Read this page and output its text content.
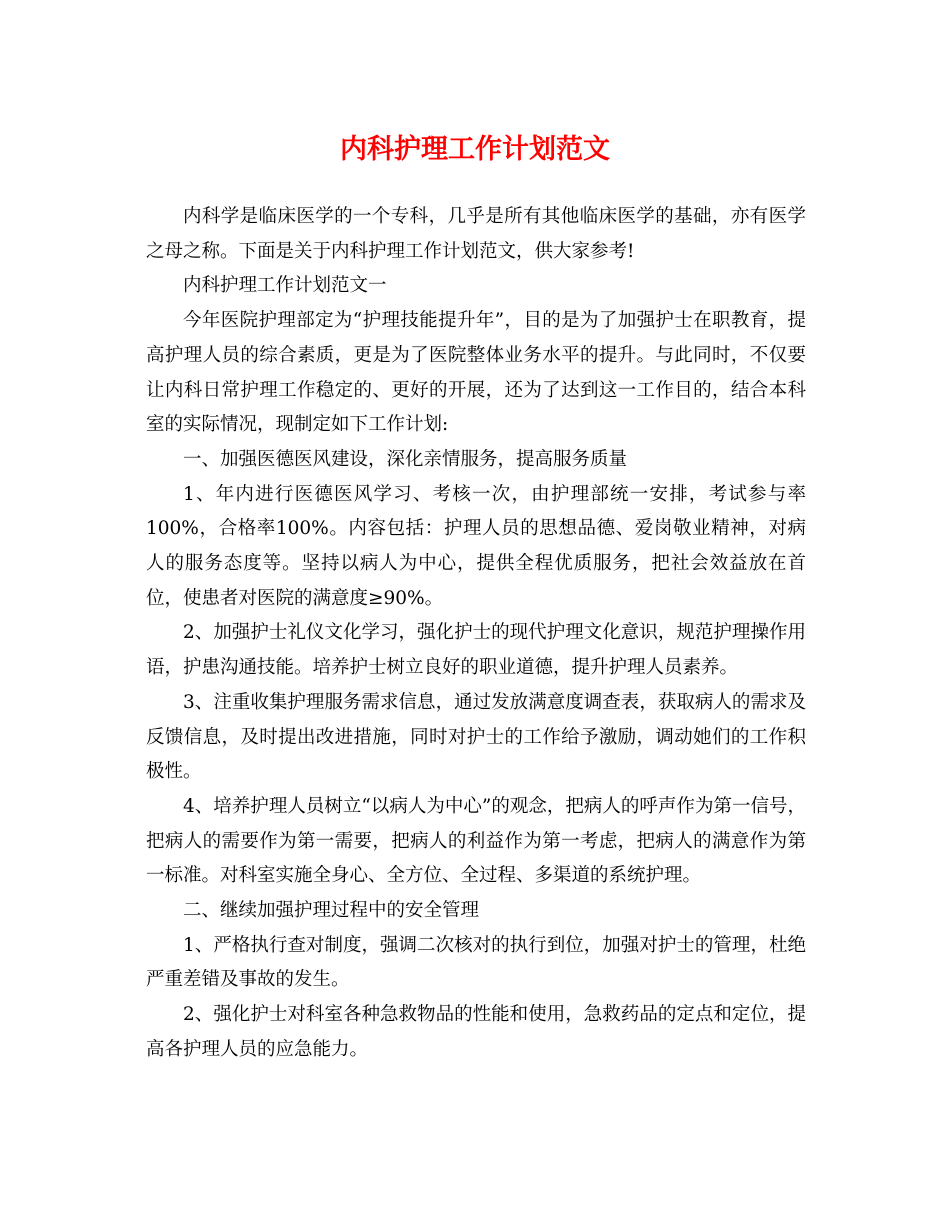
内科护理工作计划范文

内科学是临床医学的一个专科，几乎是所有其他临床医学的基础，亦有医学之母之称。下面是关于内科护理工作计划范文，供大家参考!

内科护理工作计划范文一

今年医院护理部定为“护理技能提升年”，目的是为了加强护士在职教育，提高护理人员的综合素质，更是为了医院整体业务水平的提升。与此同时，不仅要让内科日常护理工作稳定的、更好的开展，还为了达到这一工作目的，结合本科室的实际情况，现制定如下工作计划:

一、加强医德医风建设，深化亲情服务，提高服务质量

1、年内进行医德医风学习、考核一次，由护理部统一安排，考试参与率100%，合格率100%。内容包括：护理人员的思想品德、爱岗敬业精神，对病人的服务态度等。坚持以病人为中心，提供全程优质服务，把社会效益放在首位，使患者对医院的满意度≥90%。

2、加强护士礼仪文化学习，强化护士的现代护理文化意识，规范护理操作用语，护患沟通技能。培养护士树立良好的职业道德，提升护理人员素养。

3、注重收集护理服务需求信息，通过发放满意度调查表，获取病人的需求及反馈信息，及时提出改进措施，同时对护士的工作给予激励，调动她们的工作积极性。

4、培养护理人员树立“以病人为中心”的观念，把病人的呼声作为第一信号，把病人的需要作为第一需要，把病人的利益作为第一考虑，把病人的满意作为第一标准。对科室实施全身心、全方位、全过程、多渠道的系统护理。

二、继续加强护理过程中的安全管理

1、严格执行查对制度，强调二次核对的执行到位，加强对护士的管理，杜绝严重差错及事故的发生。

2、强化护士对科室各种急救物品的性能和使用，急救药品的定点和定位，提高各护理人员的应急能力。
